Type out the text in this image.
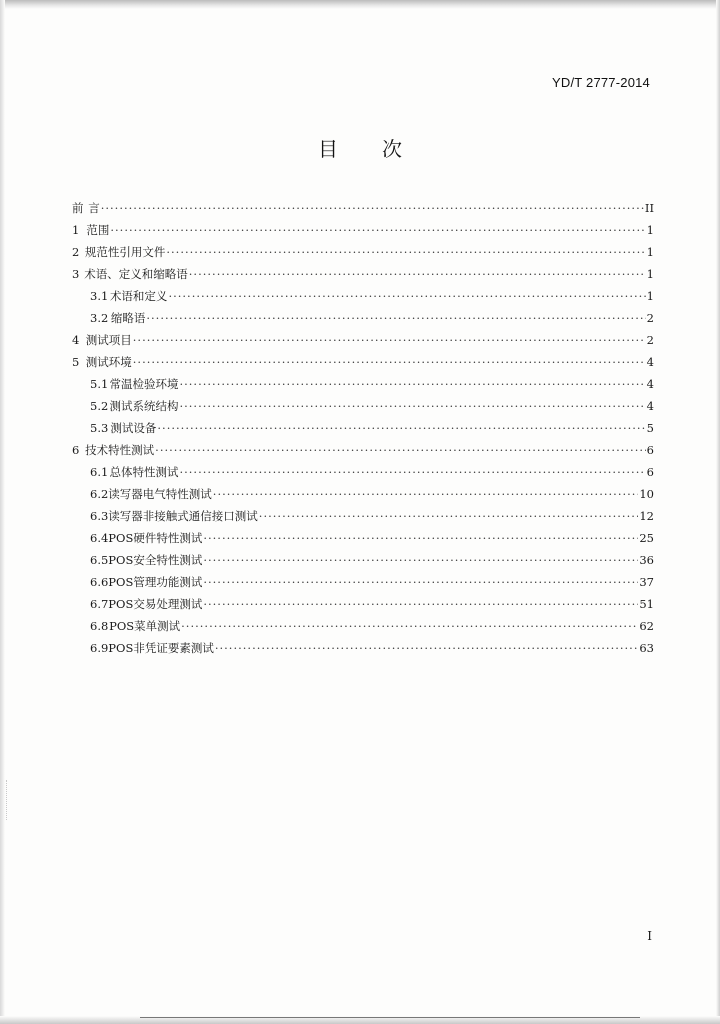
YD/T 2777-2014
目 次
前 言 ·····	II
1 范围 ·····	1
2 规范性引用文件 ·····	1
3 术语、定义和缩略语 ·····	1
3.1 术语和定义 ·····	1
3.2 缩略语 ·····	2
4 测试项目 ·····	2
5 测试环境 ·····	4
5.1 常温检验环境 ·····	4
5.2 测试系统结构 ·····	4
5.3 测试设备 ·····	5
6 技术特性测试 ·····	6
6.1 总体特性测试 ·····	6
6.2 读写器电气特性测试 ·····	10
6.3 读写器非接触式通信接口测试 ·····	12
6.4 POS硬件特性测试 ·····	25
6.5 POS安全特性测试 ·····	36
6.6 POS管理功能测试 ·····	37
6.7 POS交易处理测试 ·····	51
6.8 POS菜单测试 ·····	62
6.9 POS非凭证要素测试 ·····	63
I
